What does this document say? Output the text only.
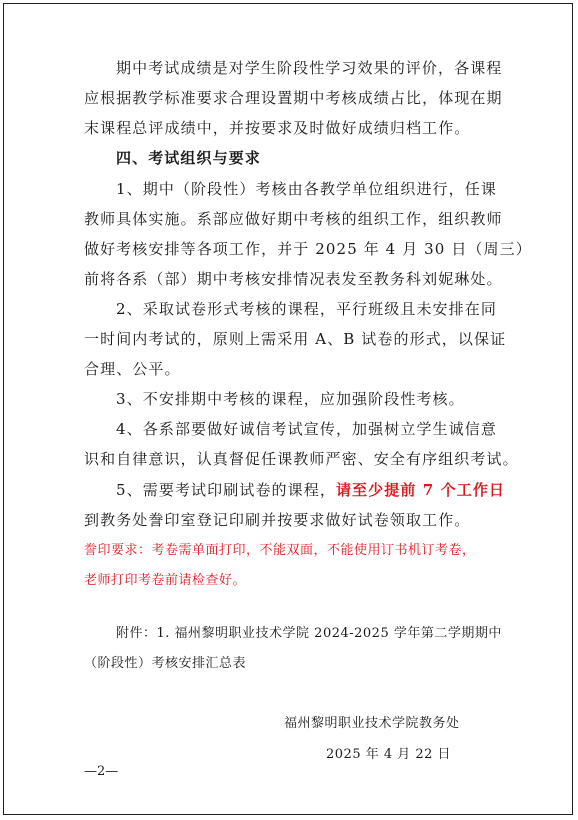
期中考试成绩是对学生阶段性学习效果的评价，各课程
应根据教学标准要求合理设置期中考核成绩占比，体现在期
末课程总评成绩中，并按要求及时做好成绩归档工作。
四、考试组织与要求
1、期中（阶段性）考核由各教学单位组织进行，任课
教师具体实施。系部应做好期中考核的组织工作，组织教师
做好考核安排等各项工作，并于 2025 年 4 月 30 日（周三）
前将各系（部）期中考核安排情况表发至教务科刘妮琳处。
2、采取试卷形式考核的课程，平行班级且未安排在同
一时间内考试的，原则上需采用 A、B 试卷的形式，以保证
合理、公平。
3、不安排期中考核的课程，应加强阶段性考核。
4、各系部要做好诚信考试宣传，加强树立学生诚信意
识和自律意识，认真督促任课教师严密、安全有序组织考试。
5、需要考试印刷试卷的课程，请至少提前 7 个工作日
到教务处誊印室登记印刷并按要求做好试卷领取工作。
誊印要求：考卷需单面打印，不能双面，不能使用订书机订考卷，
老师打印考卷前请检查好。
附件：1. 福州黎明职业技术学院 2024-2025 学年第二学期期中
（阶段性）考核安排汇总表
福州黎明职业技术学院教务处
2025 年 4 月 22 日
—2—
